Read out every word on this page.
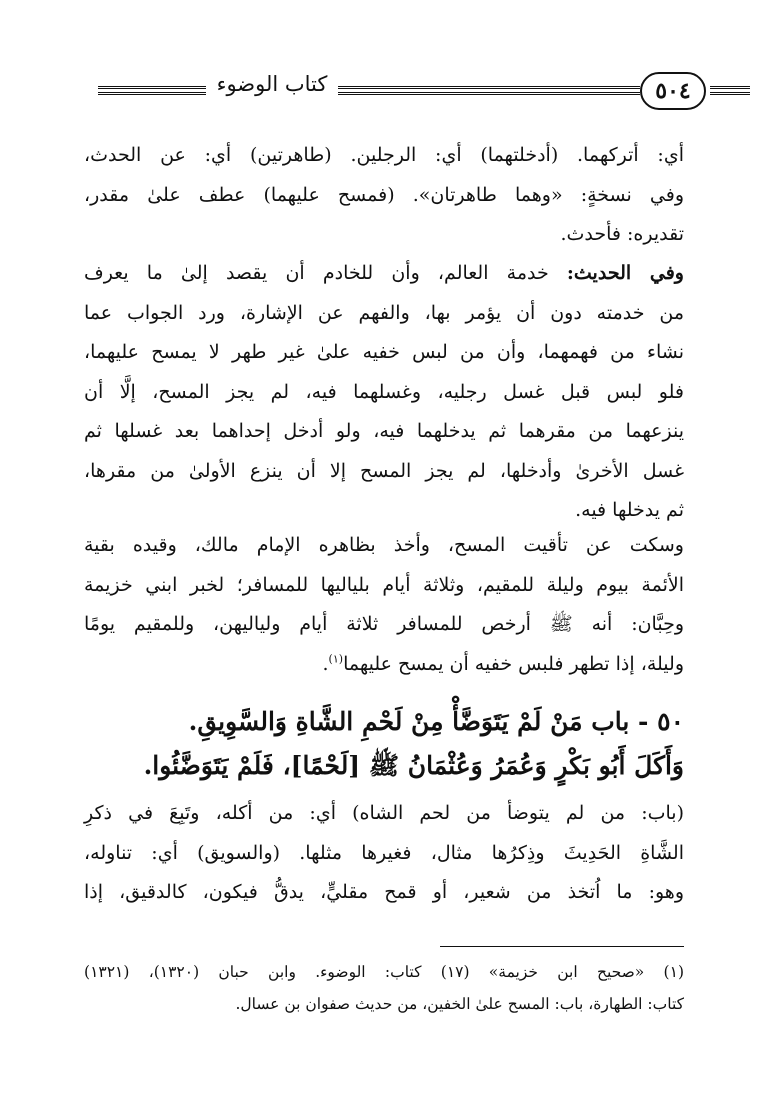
كتاب الوضوء	٥٠٤
أي: أتركهما. (أدخلتهما) أي: الرجلين. (طاهرتين) أي: عن الحدث،
وفي نسخةٍ: «وهما طاهرتان». (فمسح عليهما) عطف علىٰ مقدر،
تقديره: فأحدث.
وفي الحديث: خدمة العالم، وأن للخادم أن يقصد إلىٰ ما يعرف
من خدمته دون أن يؤمر بها، والفهم عن الإشارة، ورد الجواب عما
نشاء من فهمهما، وأن من لبس خفيه علىٰ غير طهر لا يمسح عليهما،
فلو لبس قبل غسل رجليه، وغسلهما فيه، لم يجز المسح، إلَّا أن
ينزعهما من مقرهما ثم يدخلهما فيه، ولو أدخل إحداهما بعد غسلها ثم
غسل الأخرىٰ وأدخلها، لم يجز المسح إلا أن ينزع الأولىٰ من مقرها،
ثم يدخلها فيه.
وسكت عن تأقيت المسح، وأخذ بظاهره الإمام مالك، وقيده بقية
الأئمة بيوم وليلة للمقيم، وثلاثة أيام بلياليها للمسافر؛ لخبر ابني خزيمة
وحِبَّان: أنه ﷺ أرخص للمسافر ثلاثة أيام ولياليهن، وللمقيم يومًا
وليلة، إذا تطهر فلبس خفيه أن يمسح عليهما$^{(١)}$.
٥٠ - باب مَنْ لَمْ يَتَوَضَّأْ مِنْ لَحْمِ الشَّاةِ وَالسَّوِيقِ.
وَأَكَلَ أَبُو بَكْرٍ وَعُمَرُ وَعُثْمَانُ ﷺ [لَحْمًا]، فَلَمْ يَتَوَضَّئُوا.
(باب: من لم يتوضأ من لحم الشاه) أي: من أكله، وتَبِعَ في ذكرِ
الشَّاةِ الحَدِيثَ وذِكرُها مثال، فغيرها مثلها. (والسويق) أي: تناوله،
وهو: ما اُتخذ من شعير، أو قمح مقليٍّ، يدقُّ فيكون، كالدقيق، إذا
(١) «صحيح ابن خزيمة» (١٧) كتاب: الوضوء. وابن حبان (١٣٢٠)، (١٣٢١)
كتاب: الطهارة، باب: المسح علىٰ الخفين، من حديث صفوان بن عسال.
